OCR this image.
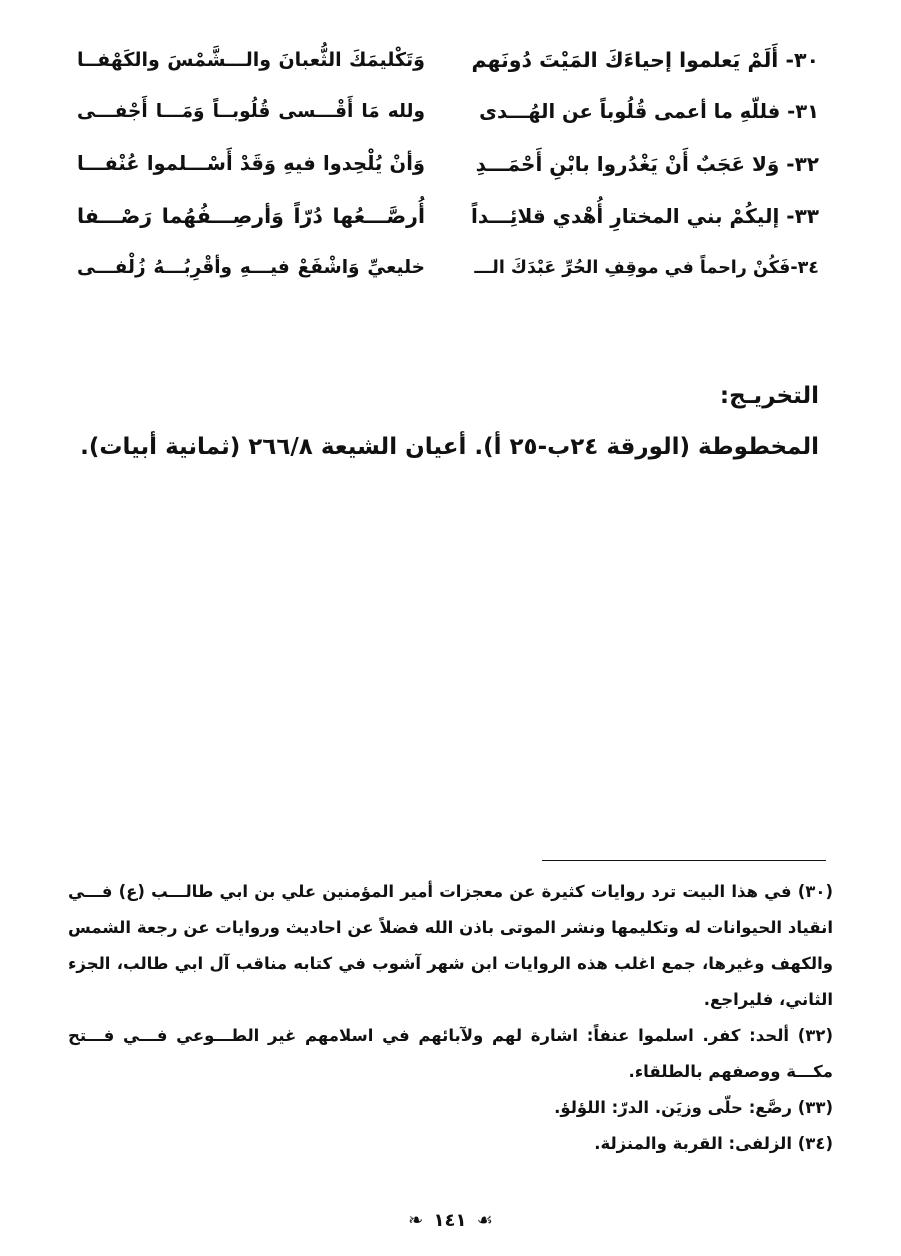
٣٠- أَلَمْ يَعلموا إحياءَكَ المَيْتَ دُونَهم
وَتَكْليمَكَ الثُّعبانَ والـــشَّمْسَ والكَهْفــا
٣١- فللّهِ ما أعمى قُلُوباً عن الهُـــدى
ولله مَا أَقْـــسى قُلُوبــاً وَمَـــا أَجْفـــى
٣٢- وَلا عَجَبٌ أَنْ يَغْدُروا بابْنِ أَحْمَـــدِ
وَأنْ يُلْحِدوا فيهِ وَقَدْ أَسْـــلموا عُنْفـــا
٣٣- إليكُمْ بني المختارِ أُهْدي قلائِـــداً
أُرصَّـــعُها دُرّاً وَأرصِـــفُهُما رَصْـــفا
٣٤-فَكُنْ راحماً في موقِفِ الحُرِّ عَبْدَكَ الـــ
خليعيِّ وَاشْفَعْ فيـــهِ وأقْرِبُـــهُ زُلْفـــى
التخريـج:
المخطوطة (الورقة ٢٤ب-٢٥ أ). أعيان الشيعة ٢٦٦/٨ (ثمانية أبيات).

(٣٠) في هذا البيت ترد روايات كثيرة عن معجزات أمير المؤمنين علي بن ابي طالـــب (ع) فـــي انقياد الحيوانات له وتكليمها ونشر الموتى باذن الله فضلاً عن احاديث وروايات عن رجعة الشمس والكهف وغيرها، جمع اغلب هذه الروايات ابن شهر آشوب في كتابه مناقب آل ابي طالب، الجزء الثاني، فليراجع.

(٣٢) ألحد: كفر. اسلموا عنفاً: اشارة لهم ولآبائهم في اسلامهم غير الطـــوعي فـــي فـــتح مكـــة ووصفهم بالطلقاء.

(٣٣) رصَّع: حلّى وزيَن. الدرّ: اللؤلؤ.

(٣٤) الزلفى: القربة والمنزلة.

☙ ١٤١ ❧
